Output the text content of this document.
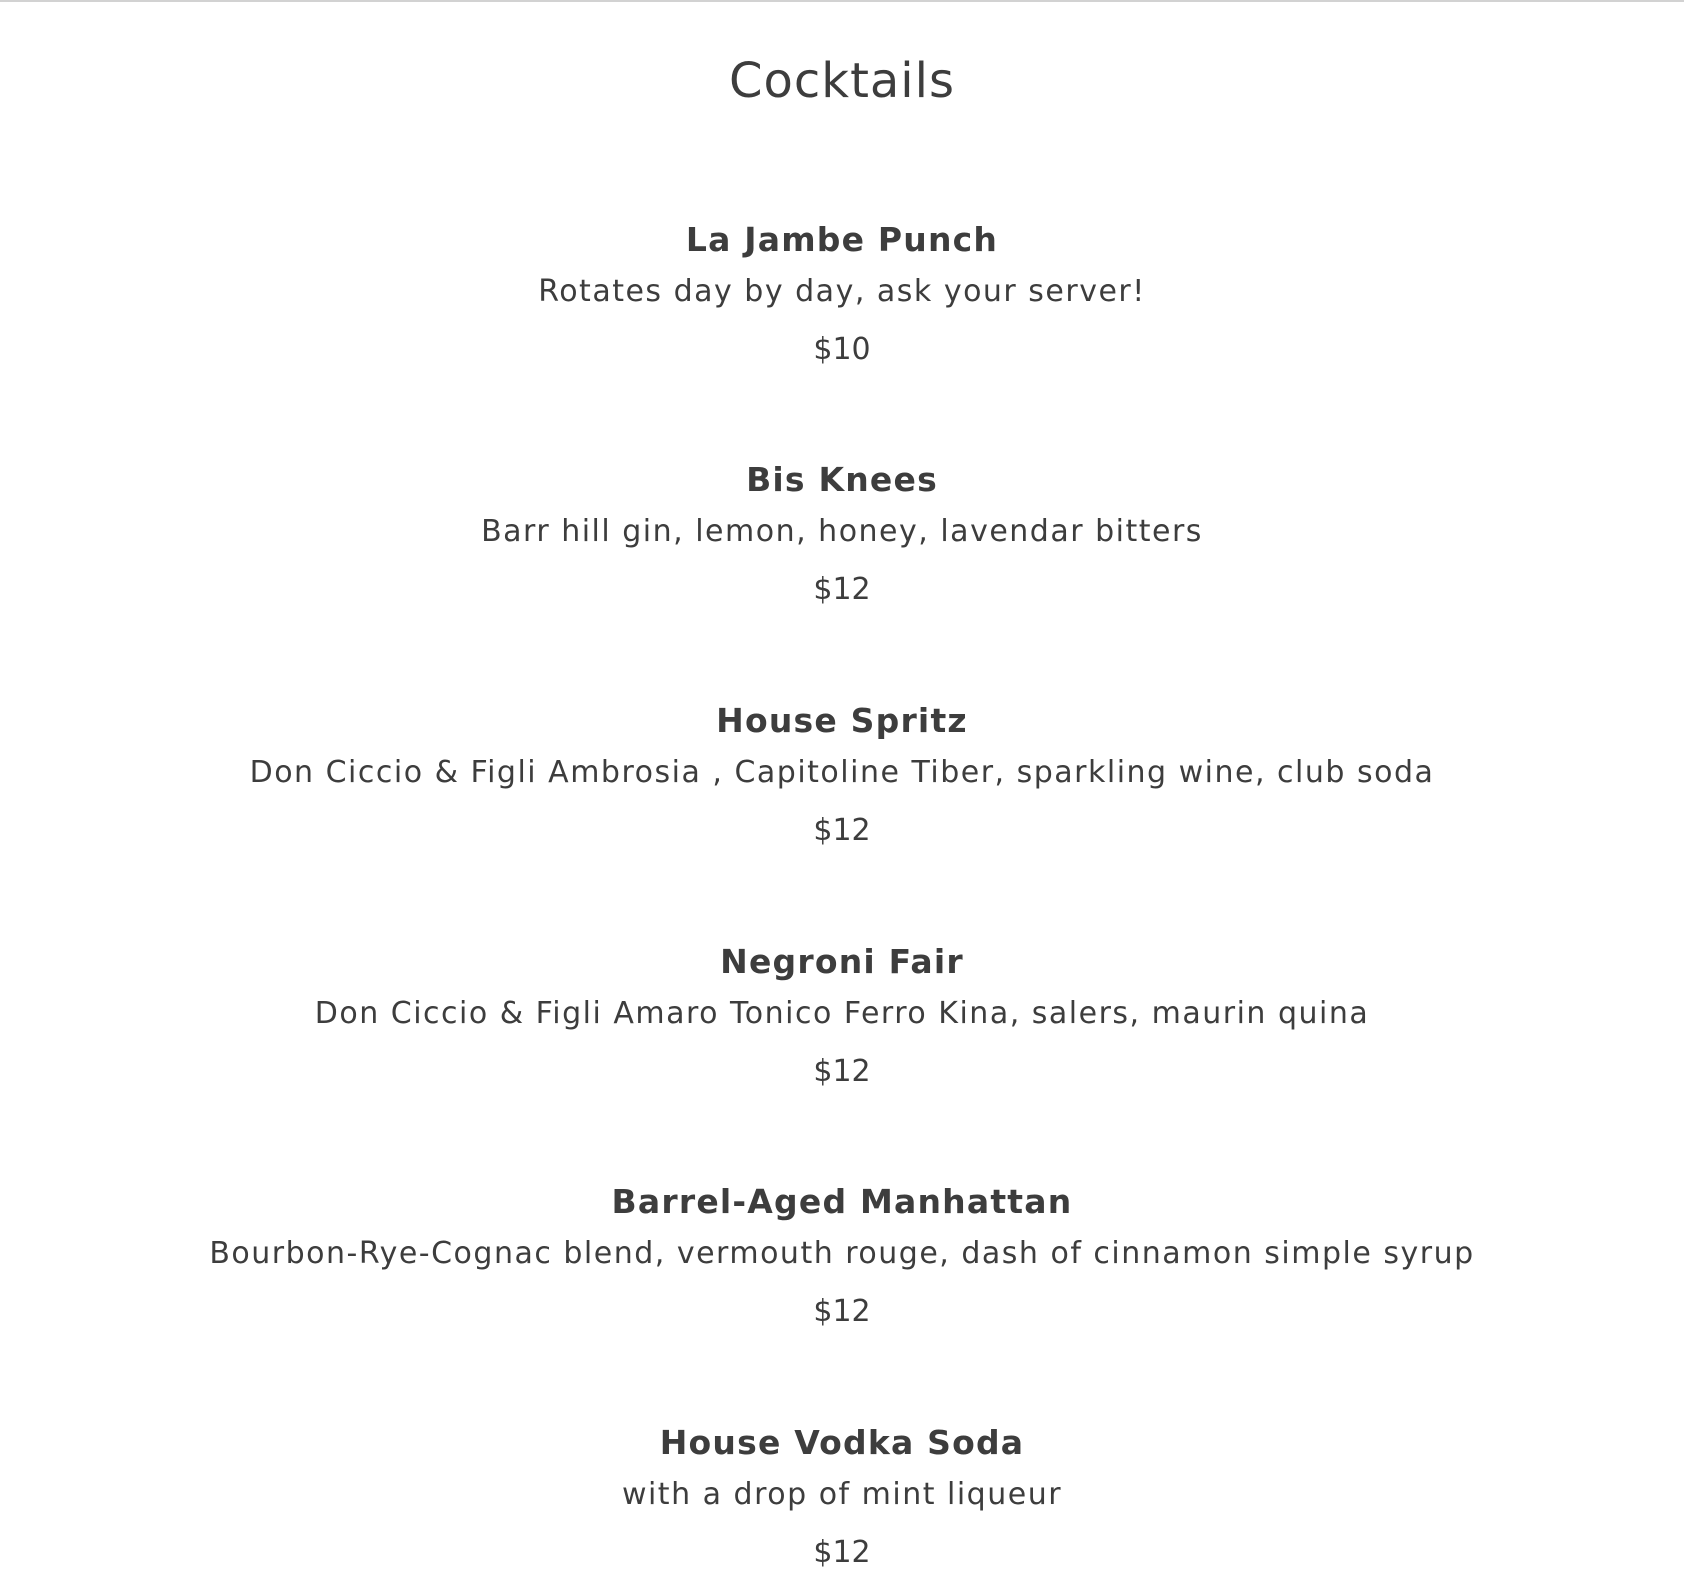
Cocktails
La Jambe Punch
Rotates day by day, ask your server!
$10
Bis Knees
Barr hill gin, lemon, honey, lavendar bitters
$12
House Spritz
Don Ciccio & Figli Ambrosia , Capitoline Tiber, sparkling wine, club soda
$12
Negroni Fair
Don Ciccio & Figli Amaro Tonico Ferro Kina, salers, maurin quina
$12
Barrel-Aged Manhattan
Bourbon-Rye-Cognac blend, vermouth rouge, dash of cinnamon simple syrup
$12
House Vodka Soda
with a drop of mint liqueur
$12
